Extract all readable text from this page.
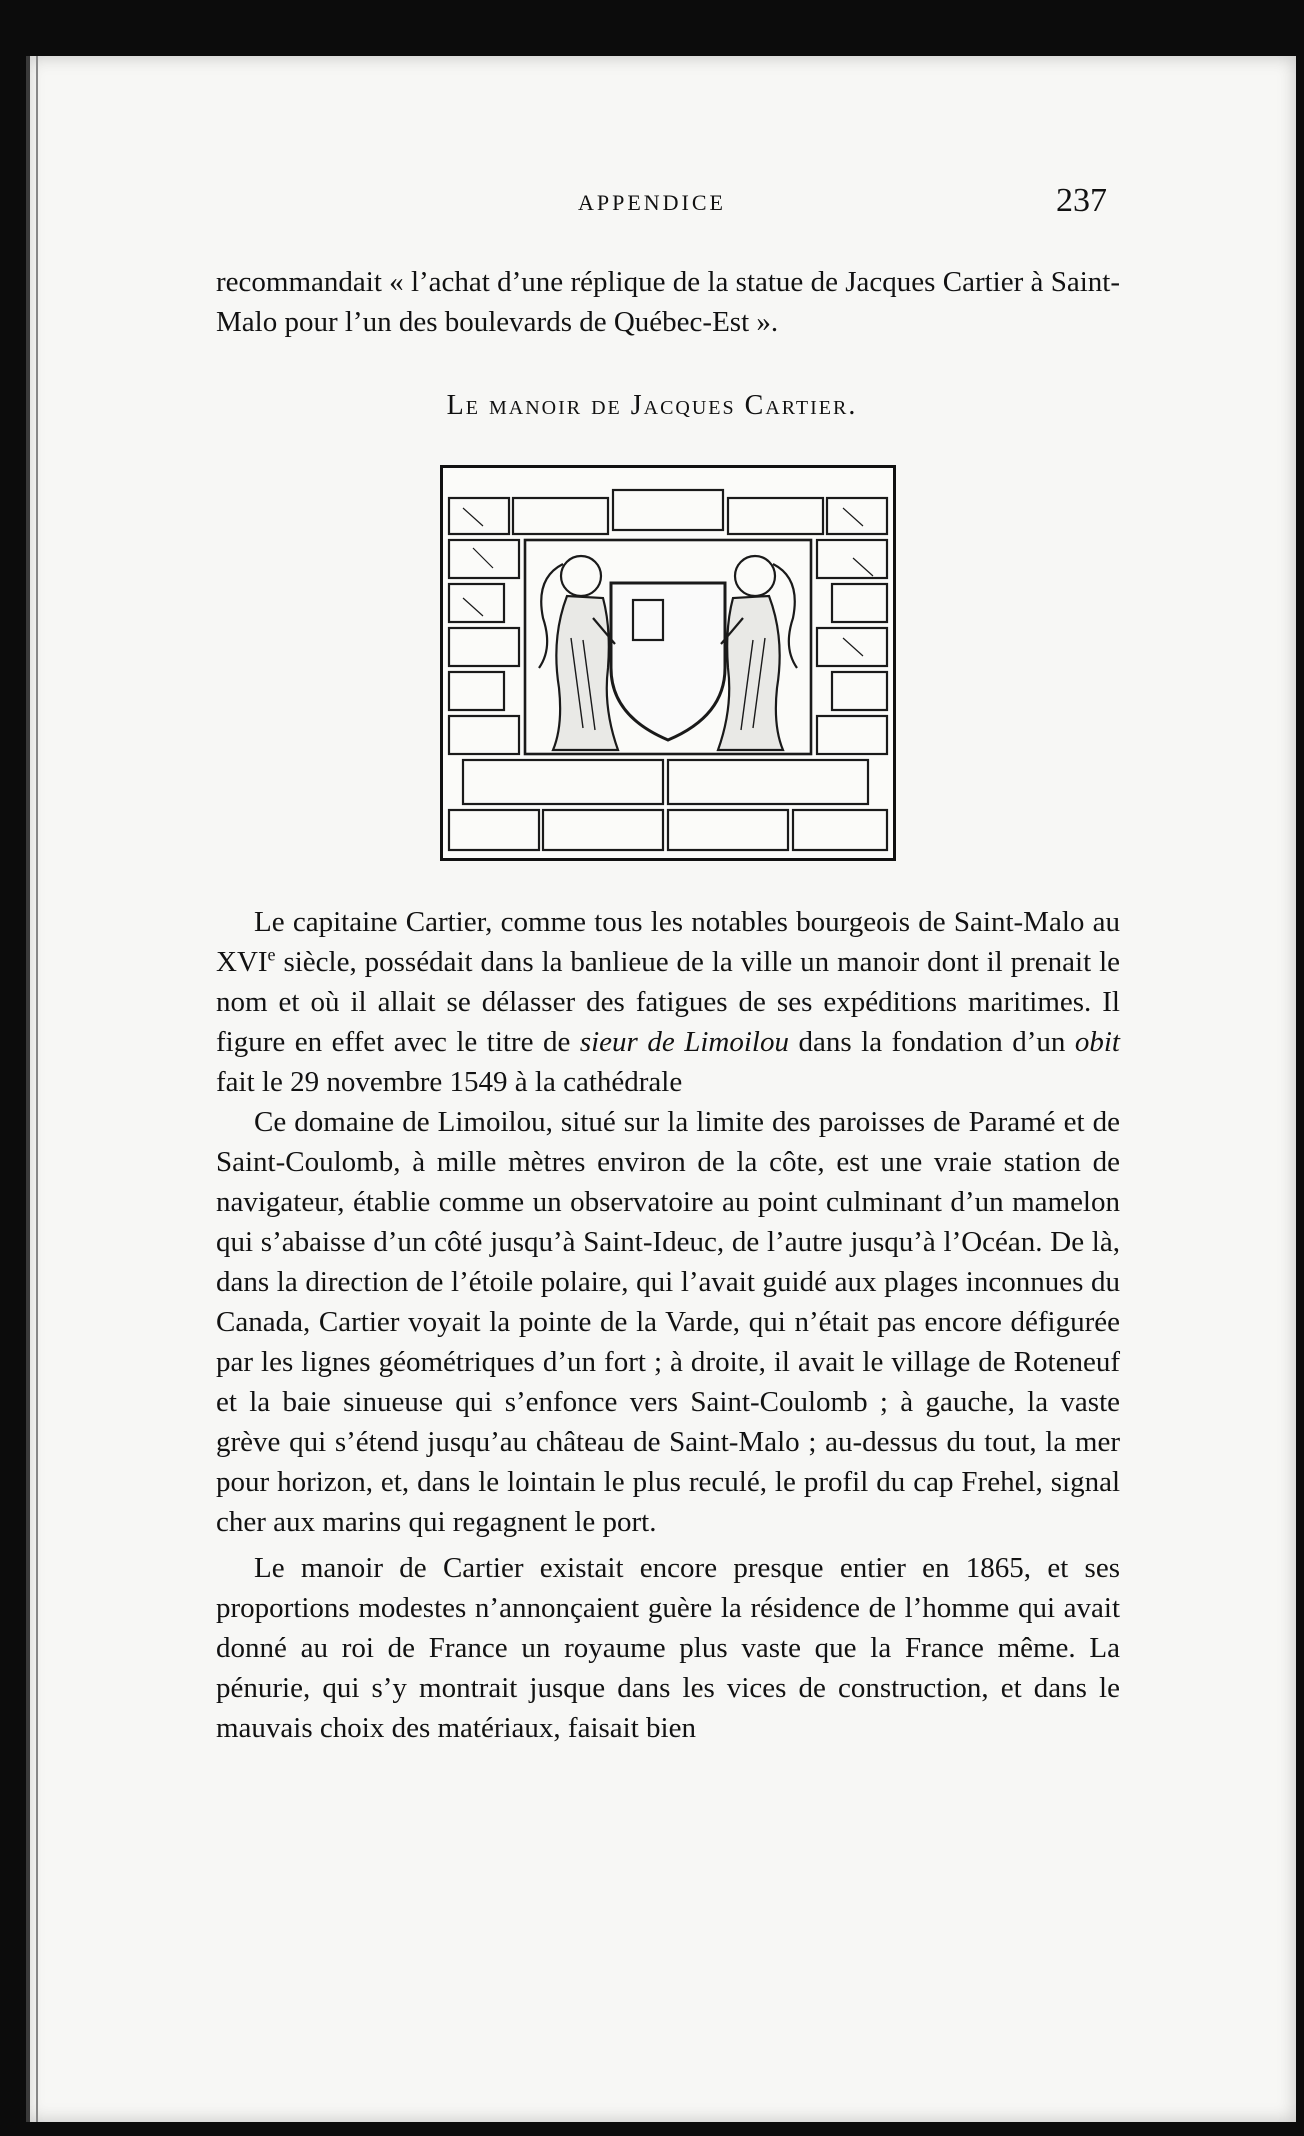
APPENDICE	237

recommandait « l’achat d’une réplique de la statue de Jacques Cartier à Saint-Malo pour l’un des boulevards de Québec-Est ».

Le manoir de Jacques Cartier.

Le capitaine Cartier, comme tous les notables bourgeois de Saint-Malo au XVIe siècle, possédait dans la banlieue de la ville un manoir dont il prenait le nom et où il allait se délasser des fatigues de ses expéditions maritimes. Il figure en effet avec le titre de sieur de Limoilou dans la fondation d’un obit fait le 29 novembre 1549 à la cathédrale

Ce domaine de Limoilou, situé sur la limite des paroisses de Paramé et de Saint-Coulomb, à mille mètres environ de la côte, est une vraie station de navigateur, établie comme un observatoire au point culminant d’un mamelon qui s’abaisse d’un côté jusqu’à Saint-Ideuc, de l’autre jusqu’à l’Océan. De là, dans la direction de l’étoile polaire, qui l’avait guidé aux plages inconnues du Canada, Cartier voyait la pointe de la Varde, qui n’était pas encore défigurée par les lignes géométriques d’un fort ; à droite, il avait le village de Roteneuf et la baie sinueuse qui s’enfonce vers Saint-Coulomb ; à gauche, la vaste grève qui s’étend jusqu’au château de Saint-Malo ; au-dessus du tout, la mer pour horizon, et, dans le lointain le plus reculé, le profil du cap Frehel, signal cher aux marins qui regagnent le port.

Le manoir de Cartier existait encore presque entier en 1865, et ses proportions modestes n’annonçaient guère la résidence de l’homme qui avait donné au roi de France un royaume plus vaste que la France même. La pénurie, qui s’y montrait jusque dans les vices de construction, et dans le mauvais choix des matériaux, faisait bien
